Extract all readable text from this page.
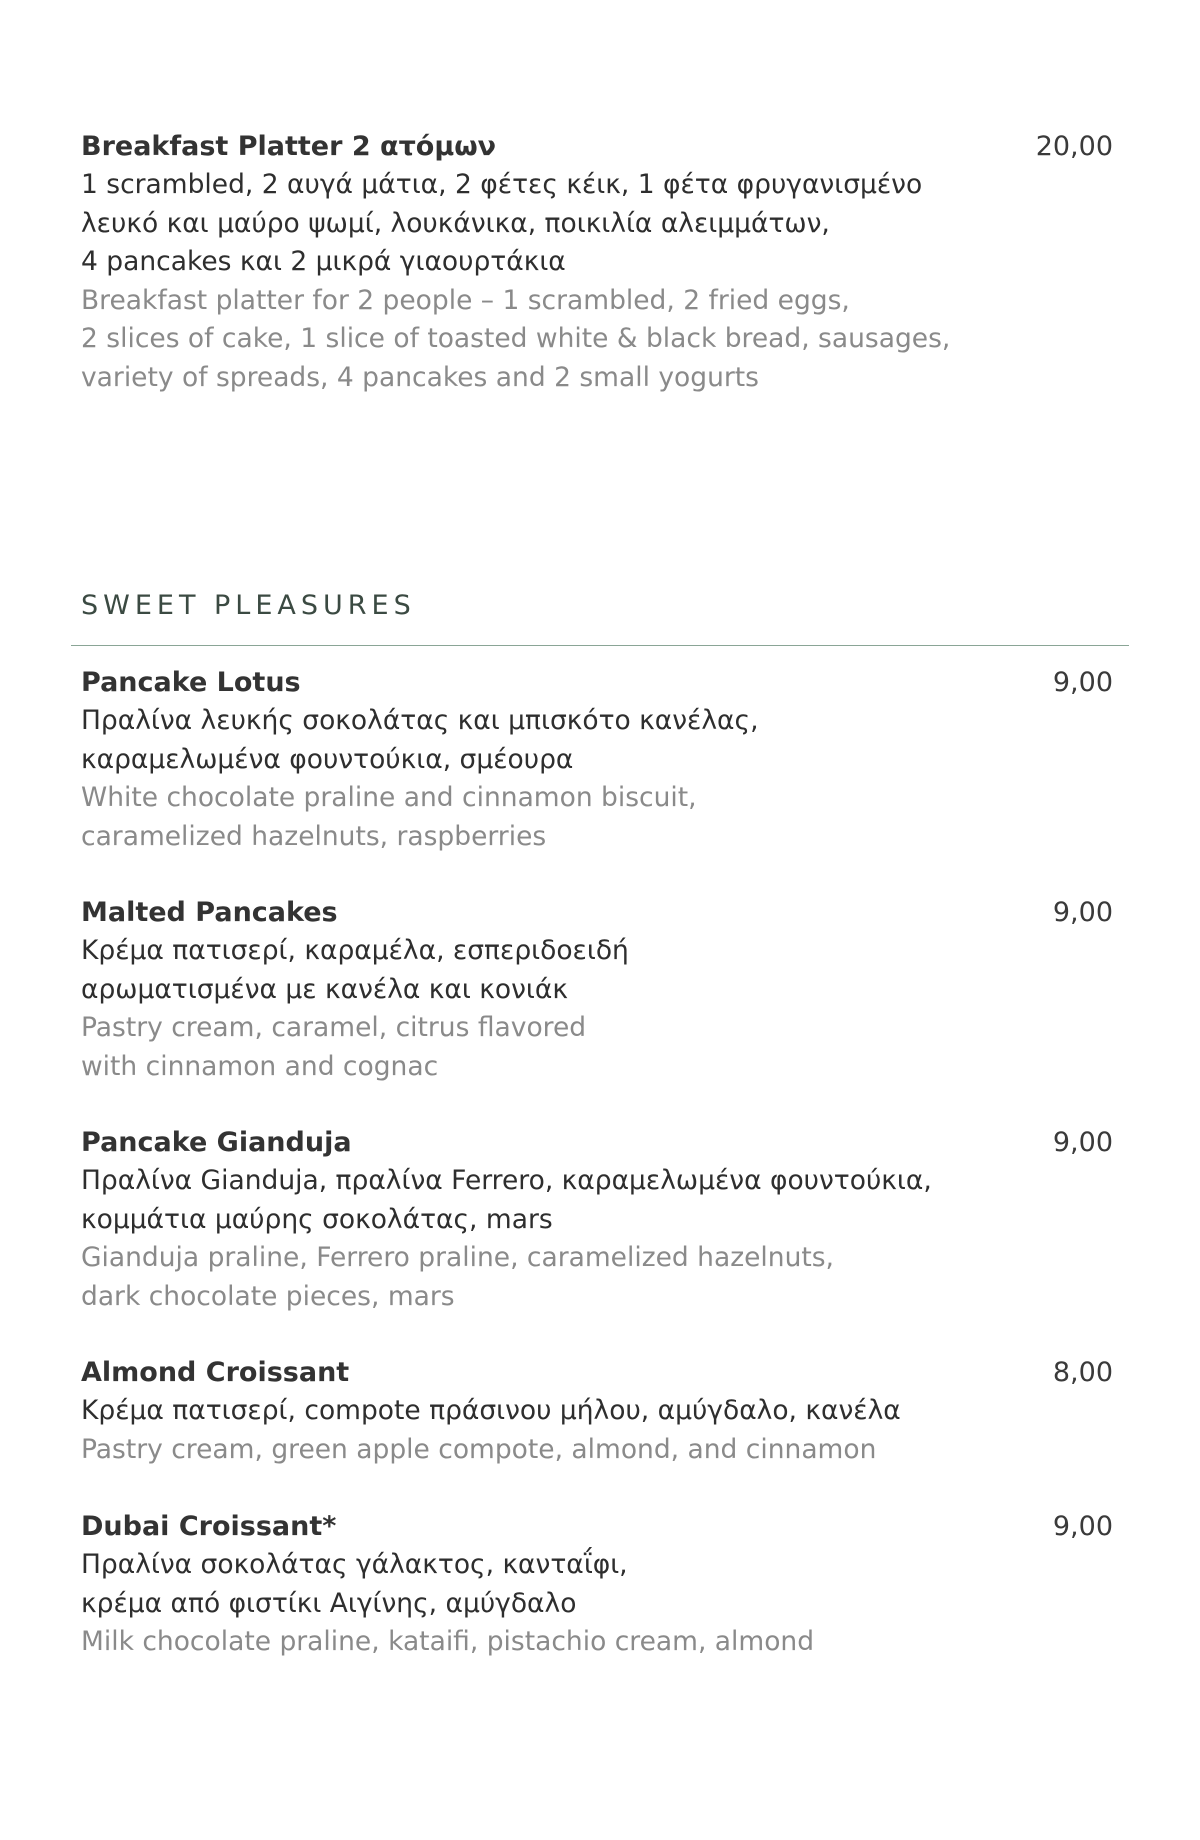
Breakfast Platter 2 ατόμων	20,00
1 scrambled, 2 αυγά μάτια, 2 φέτες κέικ, 1 φέτα φρυγανισμένο
λευκό και μαύρο ψωμί, λουκάνικα, ποικιλία αλειμμάτων,
4 pancakes και 2 μικρά γιαουρτάκια
Breakfast platter for 2 people – 1 scrambled, 2 fried eggs,
2 slices of cake, 1 slice of toasted white & black bread, sausages,
variety of spreads, 4 pancakes and 2 small yogurts
SWEET PLEASURES
Pancake Lotus	9,00
Πραλίνα λευκής σοκολάτας και μπισκότο κανέλας,
καραμελωμένα φουντούκια, σμέουρα
White chocolate praline and cinnamon biscuit,
caramelized hazelnuts, raspberries
Malted Pancakes	9,00
Κρέμα πατισερί, καραμέλα, εσπεριδοειδή
αρωματισμένα με κανέλα και κονιάκ
Pastry cream, caramel, citrus flavored
with cinnamon and cognac
Pancake Gianduja	9,00
Πραλίνα Gianduja, πραλίνα Ferrero, καραμελωμένα φουντούκια,
κομμάτια μαύρης σοκολάτας, mars
Gianduja praline, Ferrero praline, caramelized hazelnuts,
dark chocolate pieces, mars
Almond Croissant	8,00
Κρέμα πατισερί, compote πράσινου μήλου, αμύγδαλο, κανέλα
Pastry cream, green apple compote, almond, and cinnamon
Dubai Croissant*	9,00
Πραλίνα σοκολάτας γάλακτος, κανταΐφι,
κρέμα από φιστίκι Αιγίνης, αμύγδαλο
Milk chocolate praline, kataifi, pistachio cream, almond
